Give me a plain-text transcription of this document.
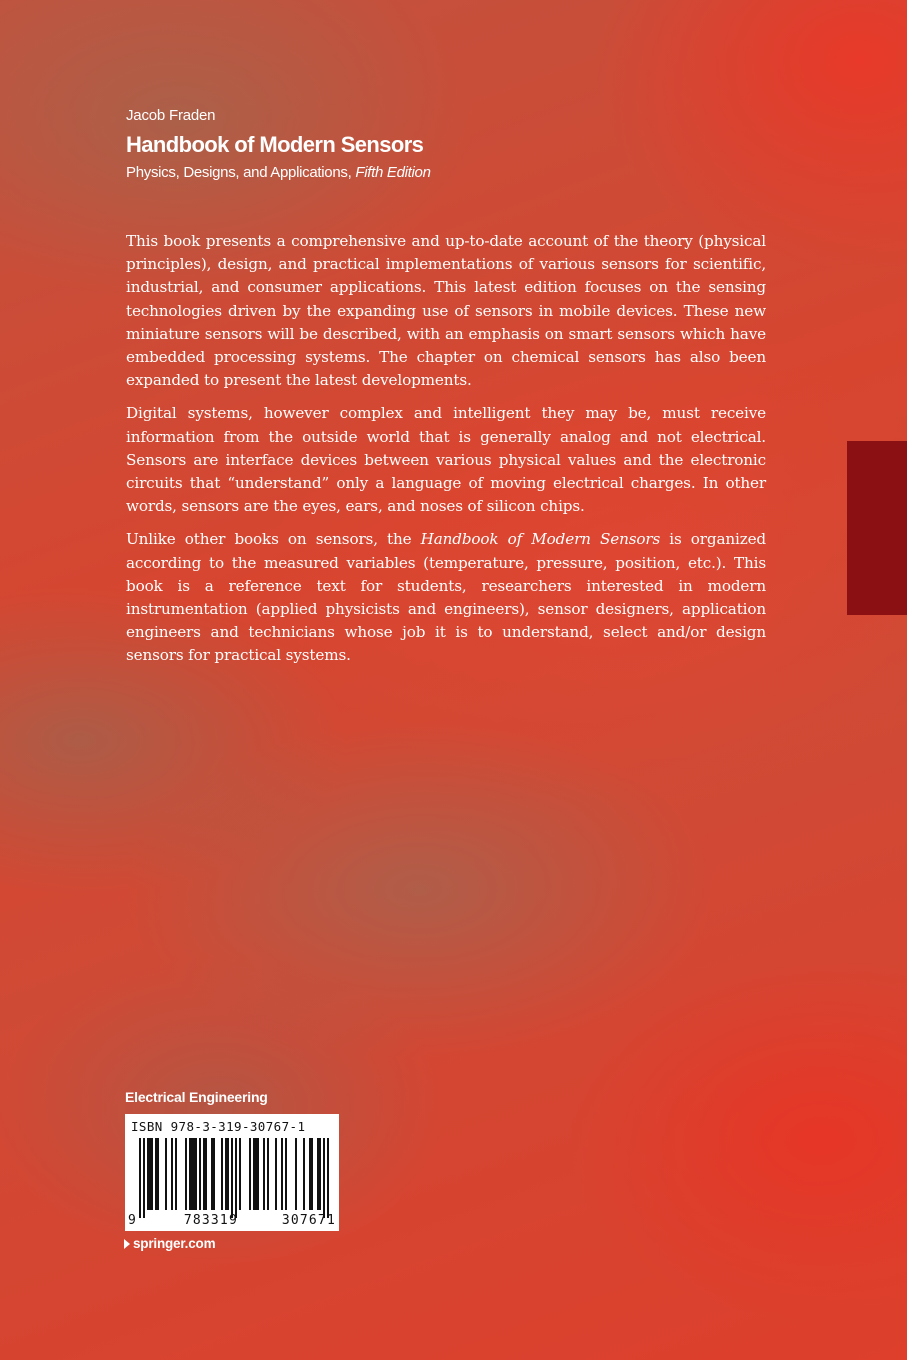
Jacob Fraden
Handbook of Modern Sensors
Physics, Designs, and Applications, Fifth Edition

This book presents a comprehensive and up-to-date account of the theory (physical principles), design, and practical implementations of various sensors for scientific, industrial, and consumer applications. This latest edition focuses on the sensing technologies driven by the expanding use of sensors in mobile devices. These new miniature sensors will be described, with an emphasis on smart sensors which have embedded processing systems. The chapter on chemical sensors has also been expanded to present the latest developments.

Digital systems, however complex and intelligent they may be, must receive information from the outside world that is generally analog and not electrical. Sensors are interface devices between various physical values and the electronic circuits that “understand” only a language of moving electrical charges. In other words, sensors are the eyes, ears, and noses of silicon chips.

Unlike other books on sensors, the Handbook of Modern Sensors is organized according to the measured variables (temperature, pressure, position, etc.). This book is a reference text for students, researchers interested in modern instrumentation (applied physicists and engineers), sensor designers, application engineers and technicians whose job it is to understand, select and/or design sensors for practical systems.

Electrical Engineering
ISBN 978-3-319-30767-1
9	783319	307671
springer.com
